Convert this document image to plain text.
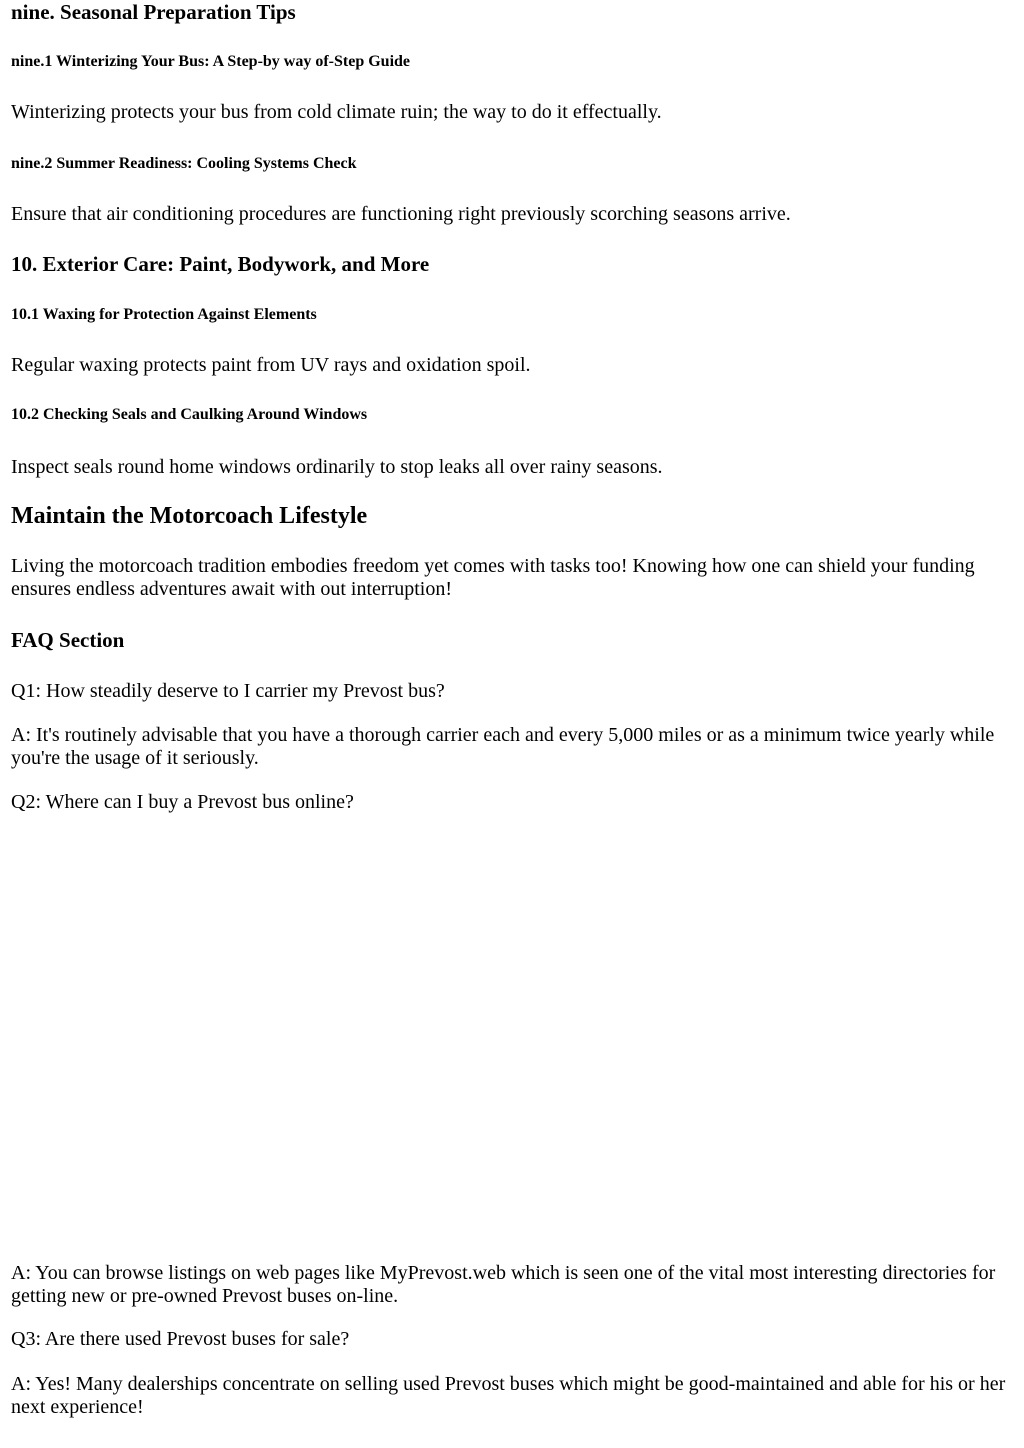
nine. Seasonal Preparation Tips
nine.1 Winterizing Your Bus: A Step-by way of-Step Guide

Winterizing protects your bus from cold climate ruin; the way to do it effectually.

nine.2 Summer Readiness: Cooling Systems Check

Ensure that air conditioning procedures are functioning right previously scorching seasons arrive.

10. Exterior Care: Paint, Bodywork, and More
10.1 Waxing for Protection Against Elements

Regular waxing protects paint from UV rays and oxidation spoil.

10.2 Checking Seals and Caulking Around Windows

Inspect seals round home windows ordinarily to stop leaks all over rainy seasons.

Maintain the Motorcoach Lifestyle

Living the motorcoach tradition embodies freedom yet comes with tasks too! Knowing how one can shield your funding ensures endless adventures await with out interruption!

FAQ Section

Q1: How steadily deserve to I carrier my Prevost bus?

A: It's routinely advisable that you have a thorough carrier each and every 5,000 miles or as a minimum twice yearly while you're the usage of it seriously.

Q2: Where can I buy a Prevost bus online?

A: You can browse listings on web pages like MyPrevost.web which is seen one of the vital most interesting directories for getting new or pre-owned Prevost buses on-line.

Q3: Are there used Prevost buses for sale?

A: Yes! Many dealerships concentrate on selling used Prevost buses which might be good-maintained and able for his or her next experience!
